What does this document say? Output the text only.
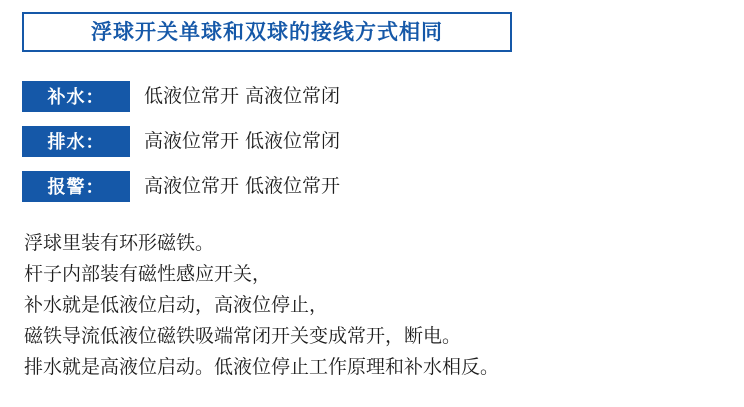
浮球开关单球和双球的接线方式相同
补水：	低液位常开 高液位常闭
排水：	高液位常开 低液位常闭
报警：	高液位常开 低液位常开
浮球里装有环形磁铁。
杆子内部装有磁性感应开关，
补水就是低液位启动，高液位停止，
磁铁导流低液位磁铁吸端常闭开关变成常开，断电。
排水就是高液位启动。低液位停止工作原理和补水相反。
